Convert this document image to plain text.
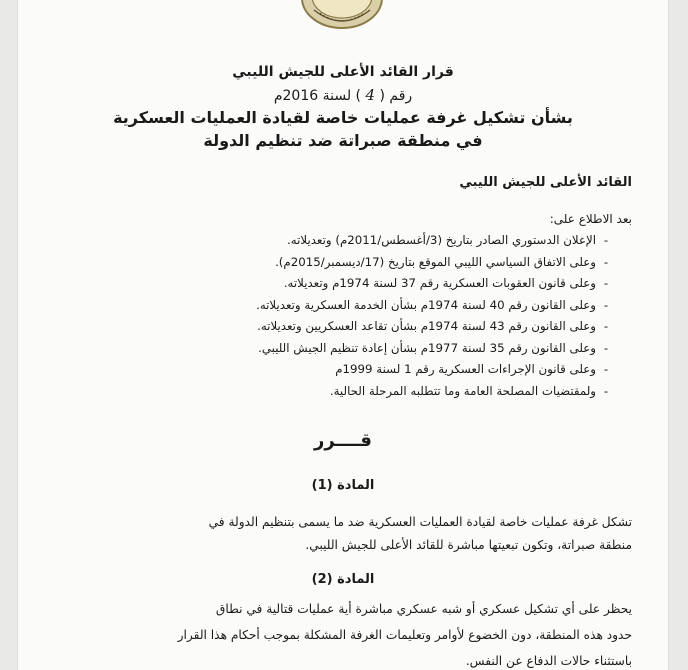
قرار القائد الأعلى للجيش الليبي
رقم ( 4 ) لسنة 2016م
بشأن تشكيل غرفة عمليات خاصة لقيادة العمليات العسكرية
في منطقة صبراتة ضد تنظيم الدولة
القائد الأعلى للجيش الليبي
بعد الاطلاع على:
-الإعلان الدستوري الصادر بتاريخ (3/أغسطس/2011م) وتعديلاته.
-وعلى الاتفاق السياسي الليبي الموقع بتاريخ (17/ديسمبر/2015م).
-وعلى قانون العقوبات العسكرية رقم 37 لسنة 1974م وتعديلاته.
-وعلى القانون رقم 40 لسنة 1974م بشأن الخدمة العسكرية وتعديلاته.
-وعلى القانون رقم 43 لسنة 1974م بشأن تقاعد العسكريين وتعديلاته.
-وعلى القانون رقم 35 لسنة 1977م بشأن إعادة تنظيم الجيش الليبي.
-وعلى قانون الإجراءات العسكرية رقم 1 لسنة 1999م
-ولمقتضيات المصلحة العامة وما تتطلبه المرحلة الحالية.
قــــرر
المادة (1)
تشكل غرفة عمليات خاصة لقيادة العمليات العسكرية ضد ما يسمى بتنظيم الدولة في
منطقة صبراتة، وتكون تبعيتها مباشرة للقائد الأعلى للجيش الليبي.
المادة (2)
يحظر على أي تشكيل عسكري أو شبه عسكري مباشرة أية عمليات قتالية في نطاق
حدود هذه المنطقة، دون الخضوع لأوامر وتعليمات الغرفة المشكلة بموجب أحكام هذا القرار
باستثناء حالات الدفاع عن النفس.
